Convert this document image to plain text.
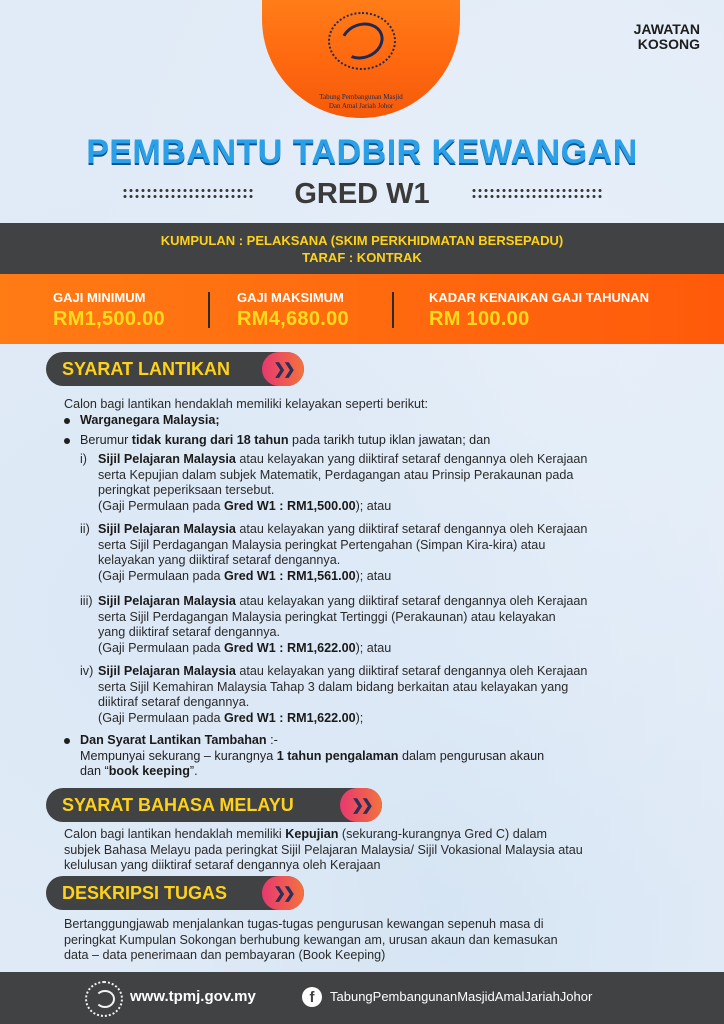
Tabung Pembangunan Masjid
Dan Amal Jariah Johor
JAWATAN
KOSONG
PEMBANTU TADBIR KEWANGAN
GRED W1
KUMPULAN : PELAKSANA (SKIM PERKHIDMATAN BERSEPADU)
TARAF : KONTRAK
GAJI MINIMUM
RM1,500.00
GAJI MAKSIMUM
RM4,680.00
KADAR KENAIKAN GAJI TAHUNAN
RM 100.00
SYARAT LANTIKAN	❯❯
Calon bagi lantikan hendaklah memiliki kelayakan seperti berikut:
Warganegara Malaysia;
Berumur tidak kurang dari 18 tahun pada tarikh tutup iklan jawatan; dan
i) Sijil Pelajaran Malaysia atau kelayakan yang diiktiraf setaraf dengannya oleh Kerajaan
serta Kepujian dalam subjek Matematik, Perdagangan atau Prinsip Perakaunan pada
peringkat peperiksaan tersebut.
(Gaji Permulaan pada Gred W1 : RM1,500.00); atau
ii) Sijil Pelajaran Malaysia atau kelayakan yang diiktiraf setaraf dengannya oleh Kerajaan
serta Sijil Perdagangan Malaysia peringkat Pertengahan (Simpan Kira-kira) atau
kelayakan yang diiktiraf setaraf dengannya.
(Gaji Permulaan pada Gred W1 : RM1,561.00); atau
iii) Sijil Pelajaran Malaysia atau kelayakan yang diiktiraf setaraf dengannya oleh Kerajaan
serta Sijil Perdagangan Malaysia peringkat Tertinggi (Perakaunan) atau kelayakan
yang diiktiraf setaraf dengannya.
(Gaji Permulaan pada Gred W1 : RM1,622.00); atau
iv) Sijil Pelajaran Malaysia atau kelayakan yang diiktiraf setaraf dengannya oleh Kerajaan
serta Sijil Kemahiran Malaysia Tahap 3 dalam bidang berkaitan atau kelayakan yang
diiktiraf setaraf dengannya.
(Gaji Permulaan pada Gred W1 : RM1,622.00);
Dan Syarat Lantikan Tambahan :-
Mempunyai sekurang – kurangnya 1 tahun pengalaman dalam pengurusan akaun
dan “book keeping”.
SYARAT BAHASA MELAYU	❯❯
Calon bagi lantikan hendaklah memiliki Kepujian (sekurang-kurangnya Gred C) dalam
subjek Bahasa Melayu pada peringkat Sijil Pelajaran Malaysia/ Sijil Vokasional Malaysia atau
kelulusan yang diiktiraf setaraf dengannya oleh Kerajaan
DESKRIPSI TUGAS	❯❯
Bertanggungjawab menjalankan tugas-tugas pengurusan kewangan sepenuh masa di
peringkat Kumpulan Sokongan berhubung kewangan am, urusan akaun dan kemasukan
data – data penerimaan dan pembayaran (Book Keeping)
www.tpmj.gov.my	f	TabungPembangunanMasjidAmalJariahJohor
